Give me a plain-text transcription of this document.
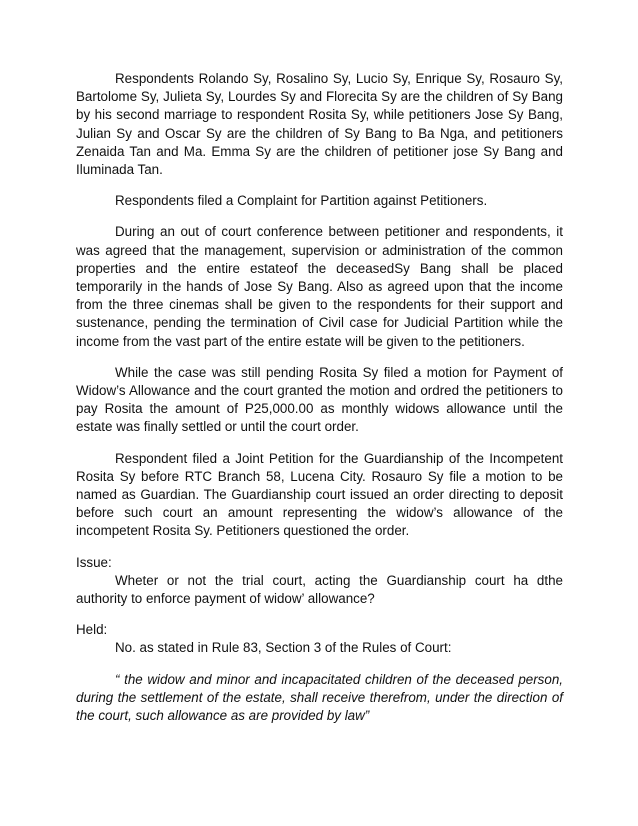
Respondents Rolando Sy, Rosalino Sy, Lucio Sy, Enrique Sy, Rosauro Sy, Bartolome Sy, Julieta Sy, Lourdes Sy and Florecita Sy are the children of Sy Bang by his second marriage to respondent Rosita Sy, while petitioners Jose Sy Bang, Julian Sy and Oscar Sy are the children of Sy Bang to Ba Nga, and petitioners Zenaida Tan and Ma. Emma Sy are the children of petitioner jose Sy Bang and Iluminada Tan.

Respondents filed a Complaint for Partition against Petitioners.

During an out of court conference between petitioner and respondents, it was agreed that the management, supervision or administration of the common properties and the entire estateof the deceasedSy Bang shall be placed temporarily in the hands of Jose Sy Bang. Also as agreed upon that the income from the three cinemas shall be given to the respondents for their support and sustenance, pending the termination of Civil case for Judicial Partition while the income from the vast part of the entire estate will be given to the petitioners.

While the case was still pending Rosita Sy filed a motion for Payment of Widow’s Allowance and the court granted the motion and ordred the petitioners to pay Rosita the amount of P25,000.00 as monthly widows allowance until the estate was finally settled or until the court order.

Respondent filed a Joint Petition for the Guardianship of the Incompetent Rosita Sy before RTC Branch 58, Lucena City. Rosauro Sy file a motion to be named as Guardian. The Guardianship court issued an order directing to deposit before such court an amount representing the widow’s allowance of the incompetent Rosita Sy. Petitioners questioned the order.

Issue:

Wheter or not the trial court, acting the Guardianship court ha dthe authority to enforce payment of widow’ allowance?

Held:

No. as stated in Rule 83, Section 3 of the Rules of Court:

“ the widow and minor and incapacitated children of the deceased person, during the settlement of the estate, shall receive therefrom, under the direction of the court, such allowance as are provided by law”
